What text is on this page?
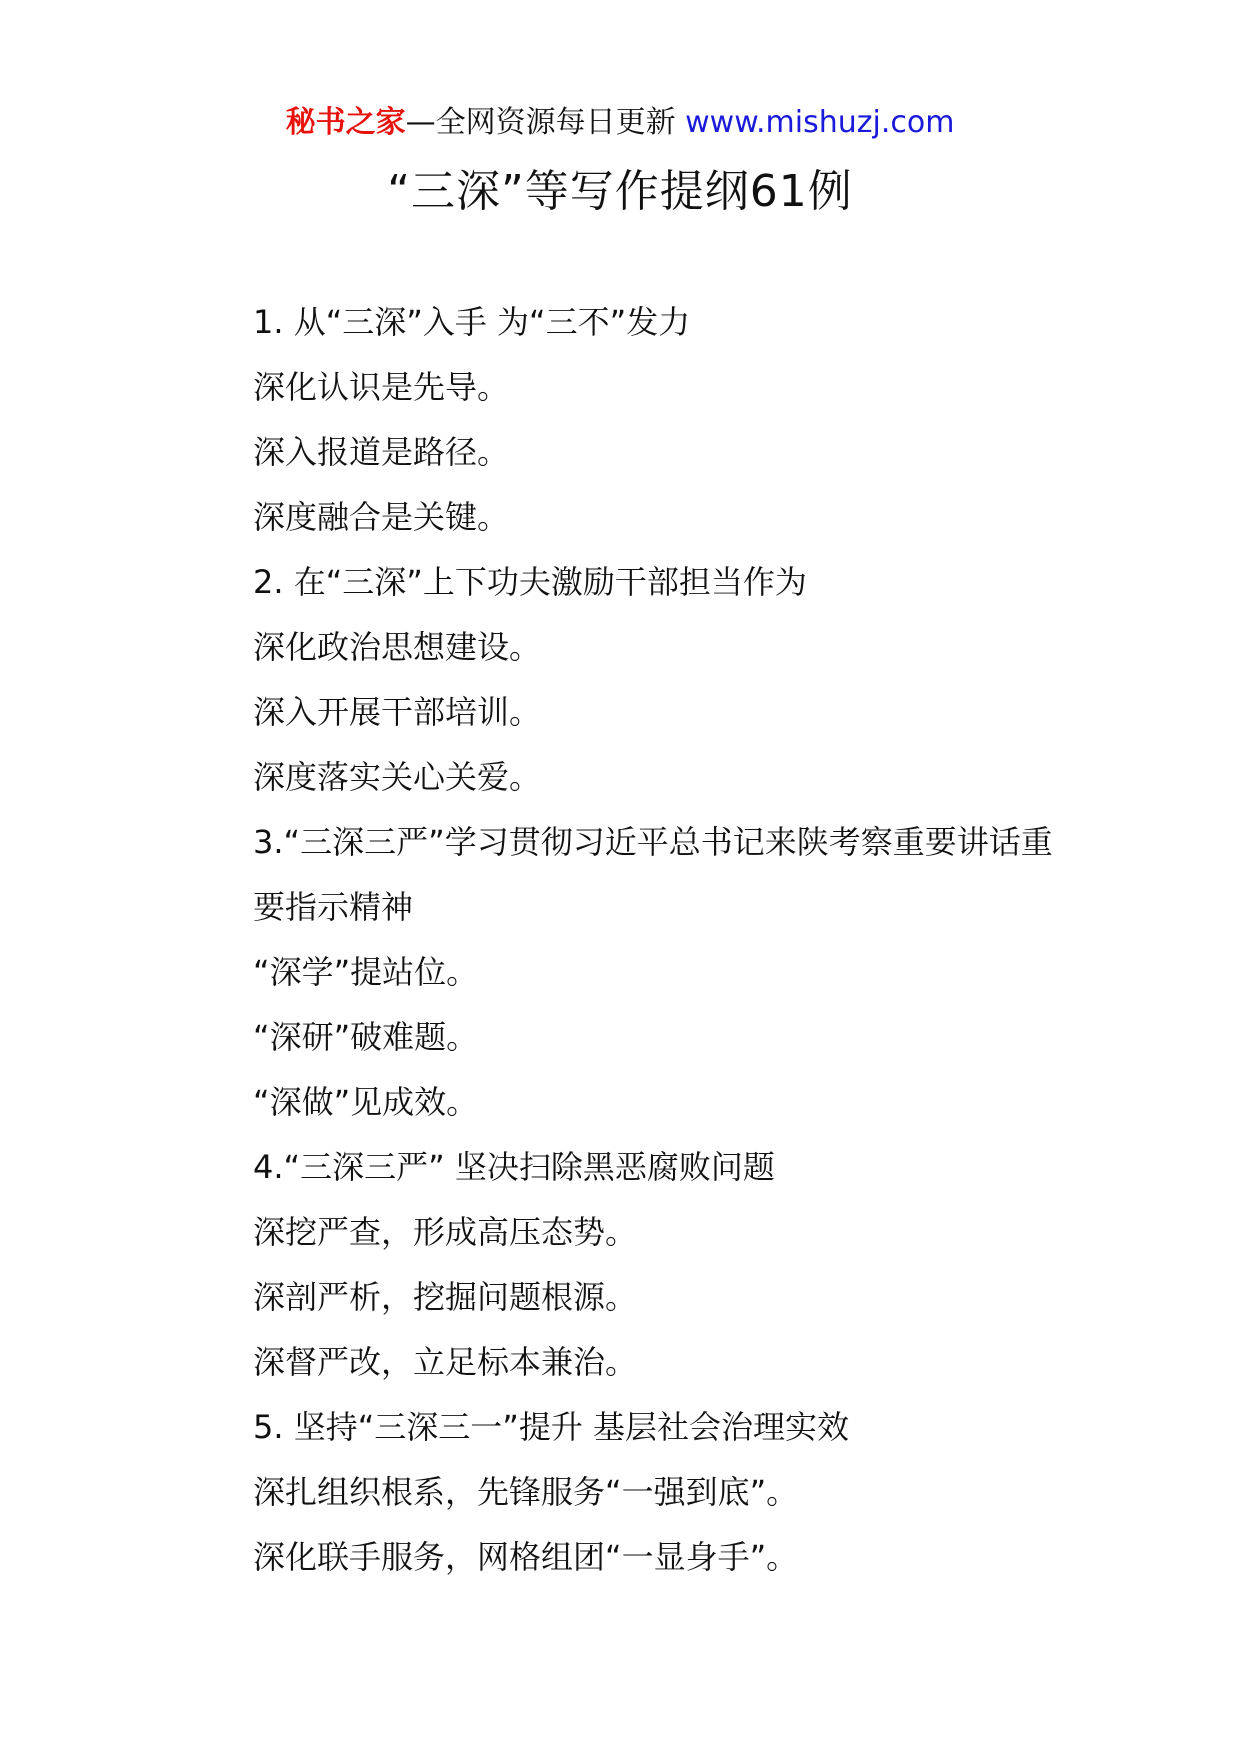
秘书之家—全网资源每日更新 www.mishuzj.com
“三深”等写作提纲61例

1. 从“三深”入手 为“三不”发力

深化认识是先导。

深入报道是路径。

深度融合是关键。

2. 在“三深”上下功夫激励干部担当作为

深化政治思想建设。

深入开展干部培训。

深度落实关心关爱。

3.“三深三严”学习贯彻习近平总书记来陕考察重要讲话重要指示精神

“深学”提站位。

“深研”破难题。

“深做”见成效。

4.“三深三严” 坚决扫除黑恶腐败问题

深挖严查，形成高压态势。

深剖严析，挖掘问题根源。

深督严改，立足标本兼治。

5. 坚持“三深三一”提升 基层社会治理实效

深扎组织根系，先锋服务“一强到底”。

深化联手服务，网格组团“一显身手”。
